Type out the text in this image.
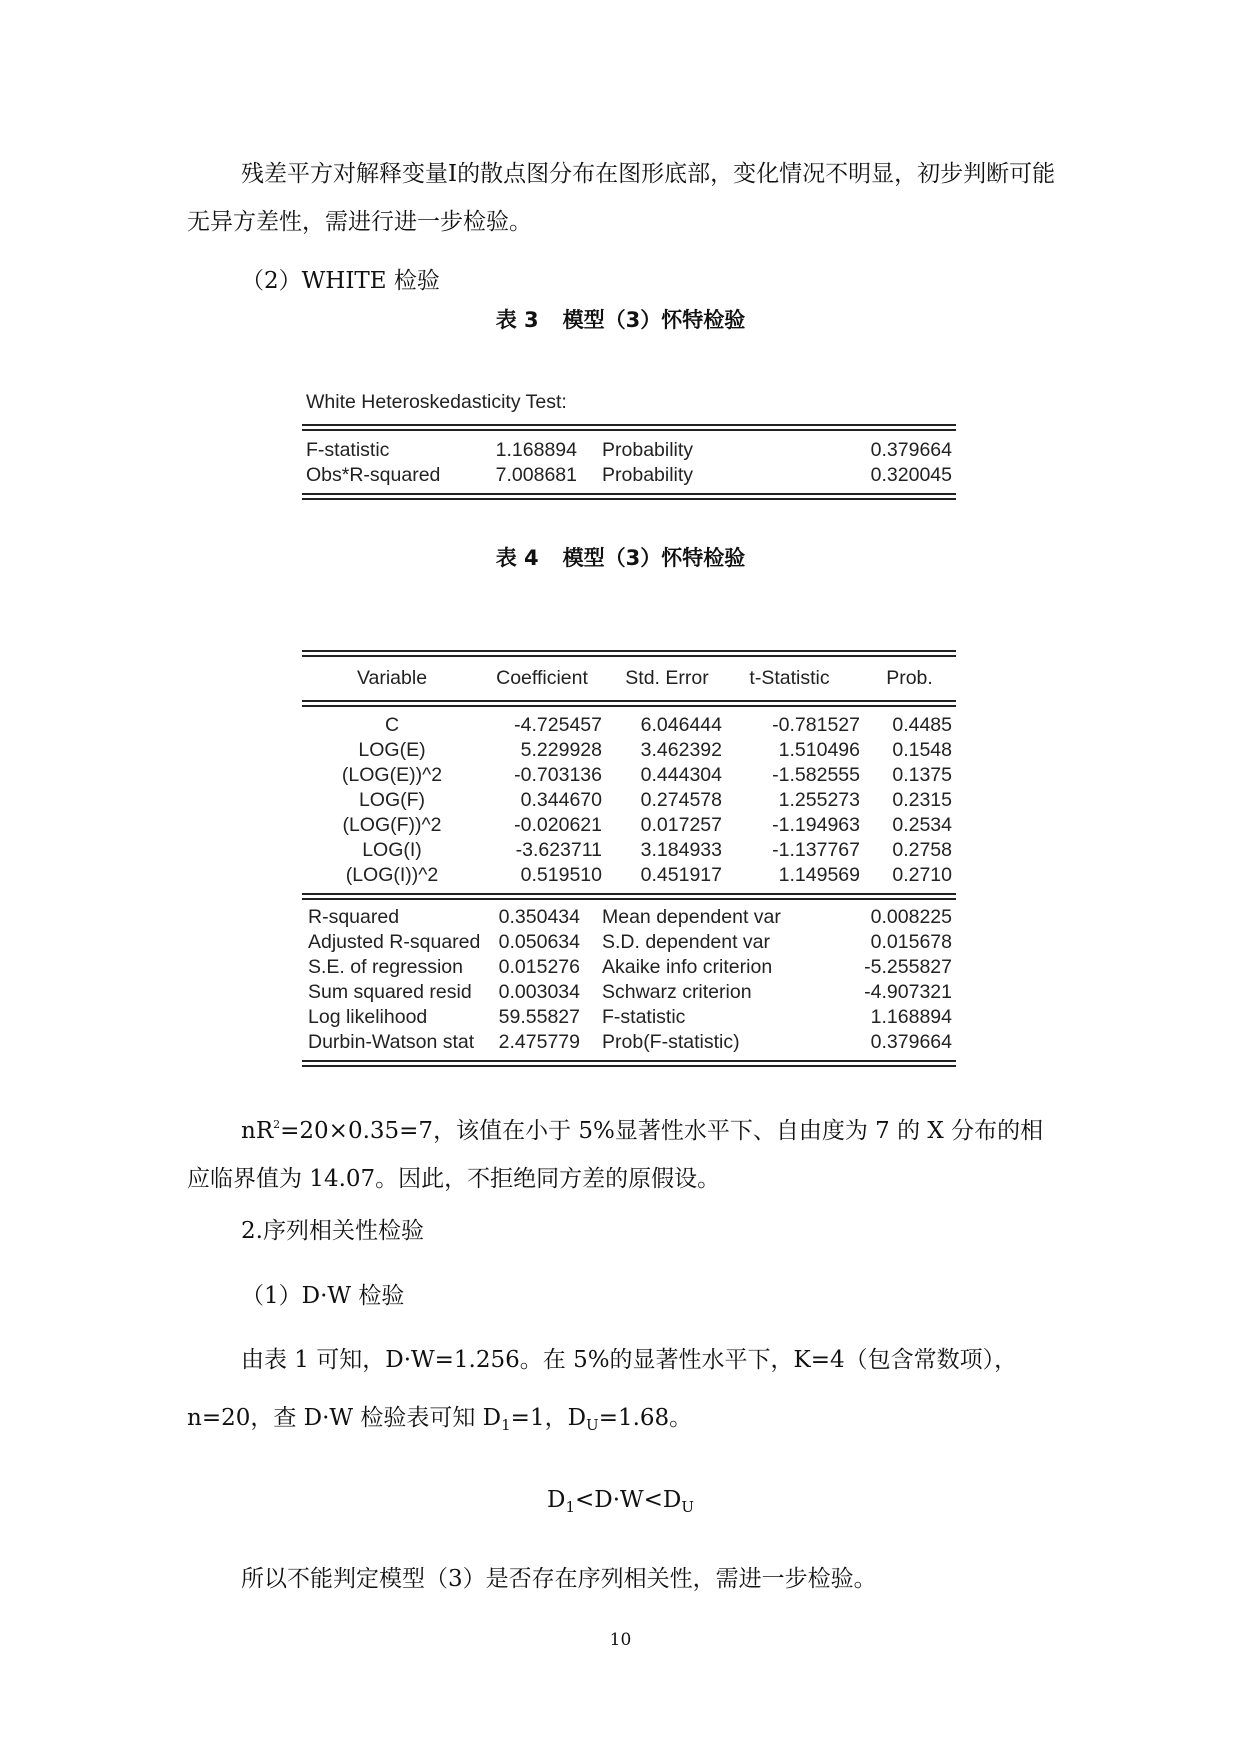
残差平方对解释变量I的散点图分布在图形底部，变化情况不明显，初步判断可能无异方差性，需进行进一步检验。

（2）WHITE 检验

表 3 模型（3）怀特检验
White Heteroskedasticity Test:
F-statistic	1.168894 Probability	0.379664
Obs*R-squared	7.008681 Probability	0.320045
表 4 模型（3）怀特检验
Variable	Coefficient	Std. Error	t-Statistic	Prob.
C	-4.725457	6.046444	-0.781527	0.4485
LOG(E)	5.229928	3.462392	1.510496	0.1548
(LOG(E))^2	-0.703136	0.444304	-1.582555	0.1375
LOG(F)	0.344670	0.274578	1.255273	0.2315
(LOG(F))^2	-0.020621	0.017257	-1.194963	0.2534
LOG(I)	-3.623711	3.184933	-1.137767	0.2758
(LOG(I))^2	0.519510	0.451917	1.149569	0.2710
R-squared	0.350434 Mean dependent var	0.008225
Adjusted R-squared 0.050634 S.D. dependent var	0.015678
S.E. of regression	0.015276 Akaike info criterion	-5.255827
Sum squared resid	0.003034 Schwarz criterion	-4.907321
Log likelihood	59.55827 F-statistic	1.168894
Durbin-Watson stat	2.475779 Prob(F-statistic)	0.379664

$nR^2=20\times 0.35=7$，该值在小于 5%显著性水平下、自由度为 7 的 X 分布的相应临界值为 14.07。因此，不拒绝同方差的原假设。

2.序列相关性检验

（1）D·W 检验

由表 1 可知，D·W=1.256。在 5%的显著性水平下，K=4（包含常数项），

n=20，查 D·W 检验表可知 $D_1=1$，$D_U=1.68$。

$D_1<D\cdot W<D_U$

所以不能判定模型（3）是否存在序列相关性，需进一步检验。

10
